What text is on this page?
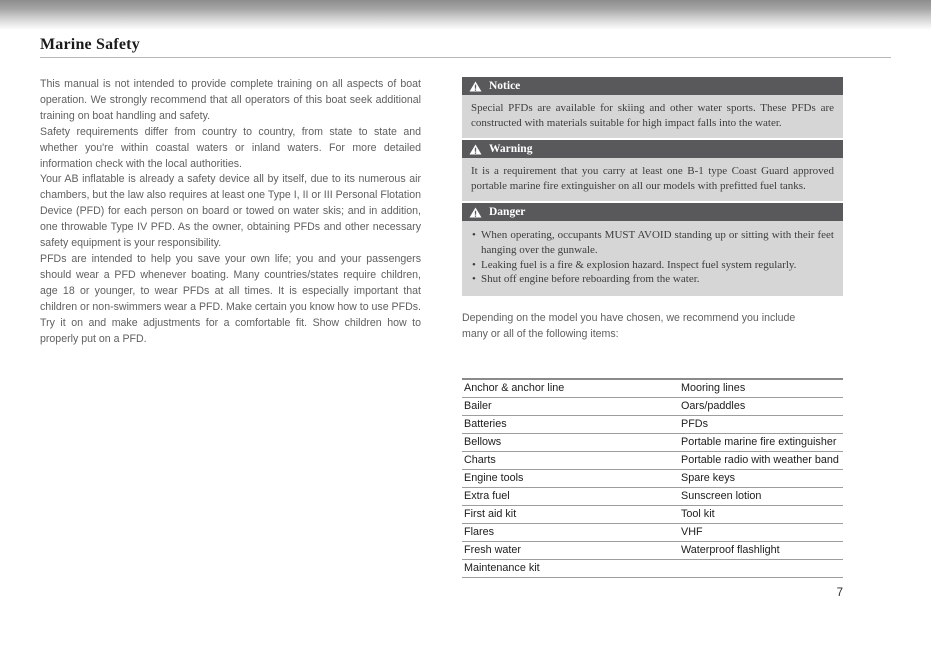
Marine Safety

This manual is not intended to provide complete training on all aspects of boat operation. We strongly recommend that all operators of this boat seek additional training on boat handling and safety.

Safety requirements differ from country to country, from state to state and whether you're within coastal waters or inland waters. For more detailed information check with the local authorities.

Your AB inflatable is already a safety device all by itself, due to its numerous air chambers, but the law also requires at least one Type I, II or III Personal Flotation Device (PFD) for each person on board or towed on water skis; and in addition, one throwable Type IV PFD. As the owner, obtaining PFDs and other necessary safety equipment is your responsibility.

PFDs are intended to help you save your own life; you and your passengers should wear a PFD whenever boating. Many countries/states require children, age 18 or younger, to wear PFDs at all times. It is especially important that children or non-swimmers wear a PFD. Make certain you know how to use PFDs. Try it on and make adjustments for a comfortable fit. Show children how to properly put on a PFD.

Notice
Special PFDs are available for skiing and other water sports. These PFDs are constructed with materials suitable for high impact falls into the water.
Warning
It is a requirement that you carry at least one B-1 type Coast Guard approved portable marine fire extinguisher on all our models with prefitted fuel tanks.
Danger
• When operating, occupants MUST AVOID standing up or sitting with their feet hanging over the gunwale.
• Leaking fuel is a fire & explosion hazard. Inspect fuel system regularly.
• Shut off engine before reboarding from the water.

Depending on the model you have chosen, we recommend you include many or all of the following items:

Anchor & anchor line	Mooring lines
Bailer	Oars/paddles
Batteries	PFDs
Bellows	Portable marine fire extinguisher
Charts	Portable radio with weather band
Engine tools	Spare keys
Extra fuel	Sunscreen lotion
First aid kit	Tool kit
Flares	VHF
Fresh water	Waterproof flashlight
Maintenance kit	
7
